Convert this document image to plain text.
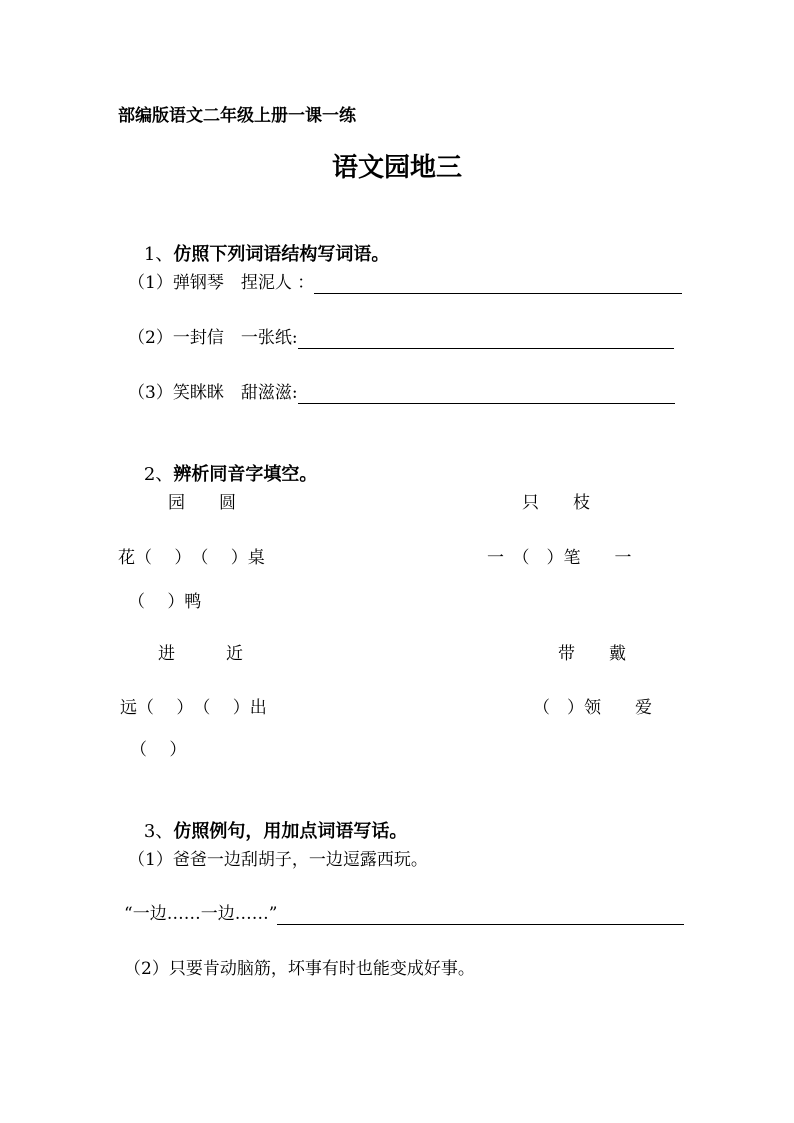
部编版语文二年级上册一课一练
语文园地三

1、仿照下列词语结构写词语。

（1）弹钢琴　捏泥人 ：
（2）一封信　一张纸:
（3）笑眯眯　甜滋滋:

2、辨析同音字填空。

园　　圆

	只　　枝

花（　 ）　（　 ）桌

	一　（　）笔　　一

（　 ）鸭

进　　　近

	带　　戴

远（　 ）　（　 ）出

	（　）领　　爱

（　 ）

3、仿照例句，用加点词语写话。

（1）爸爸一边刮胡子，一边逗露西玩。
“一边……一边……”
（2）只要肯动脑筋，坏事有时也能变成好事。
